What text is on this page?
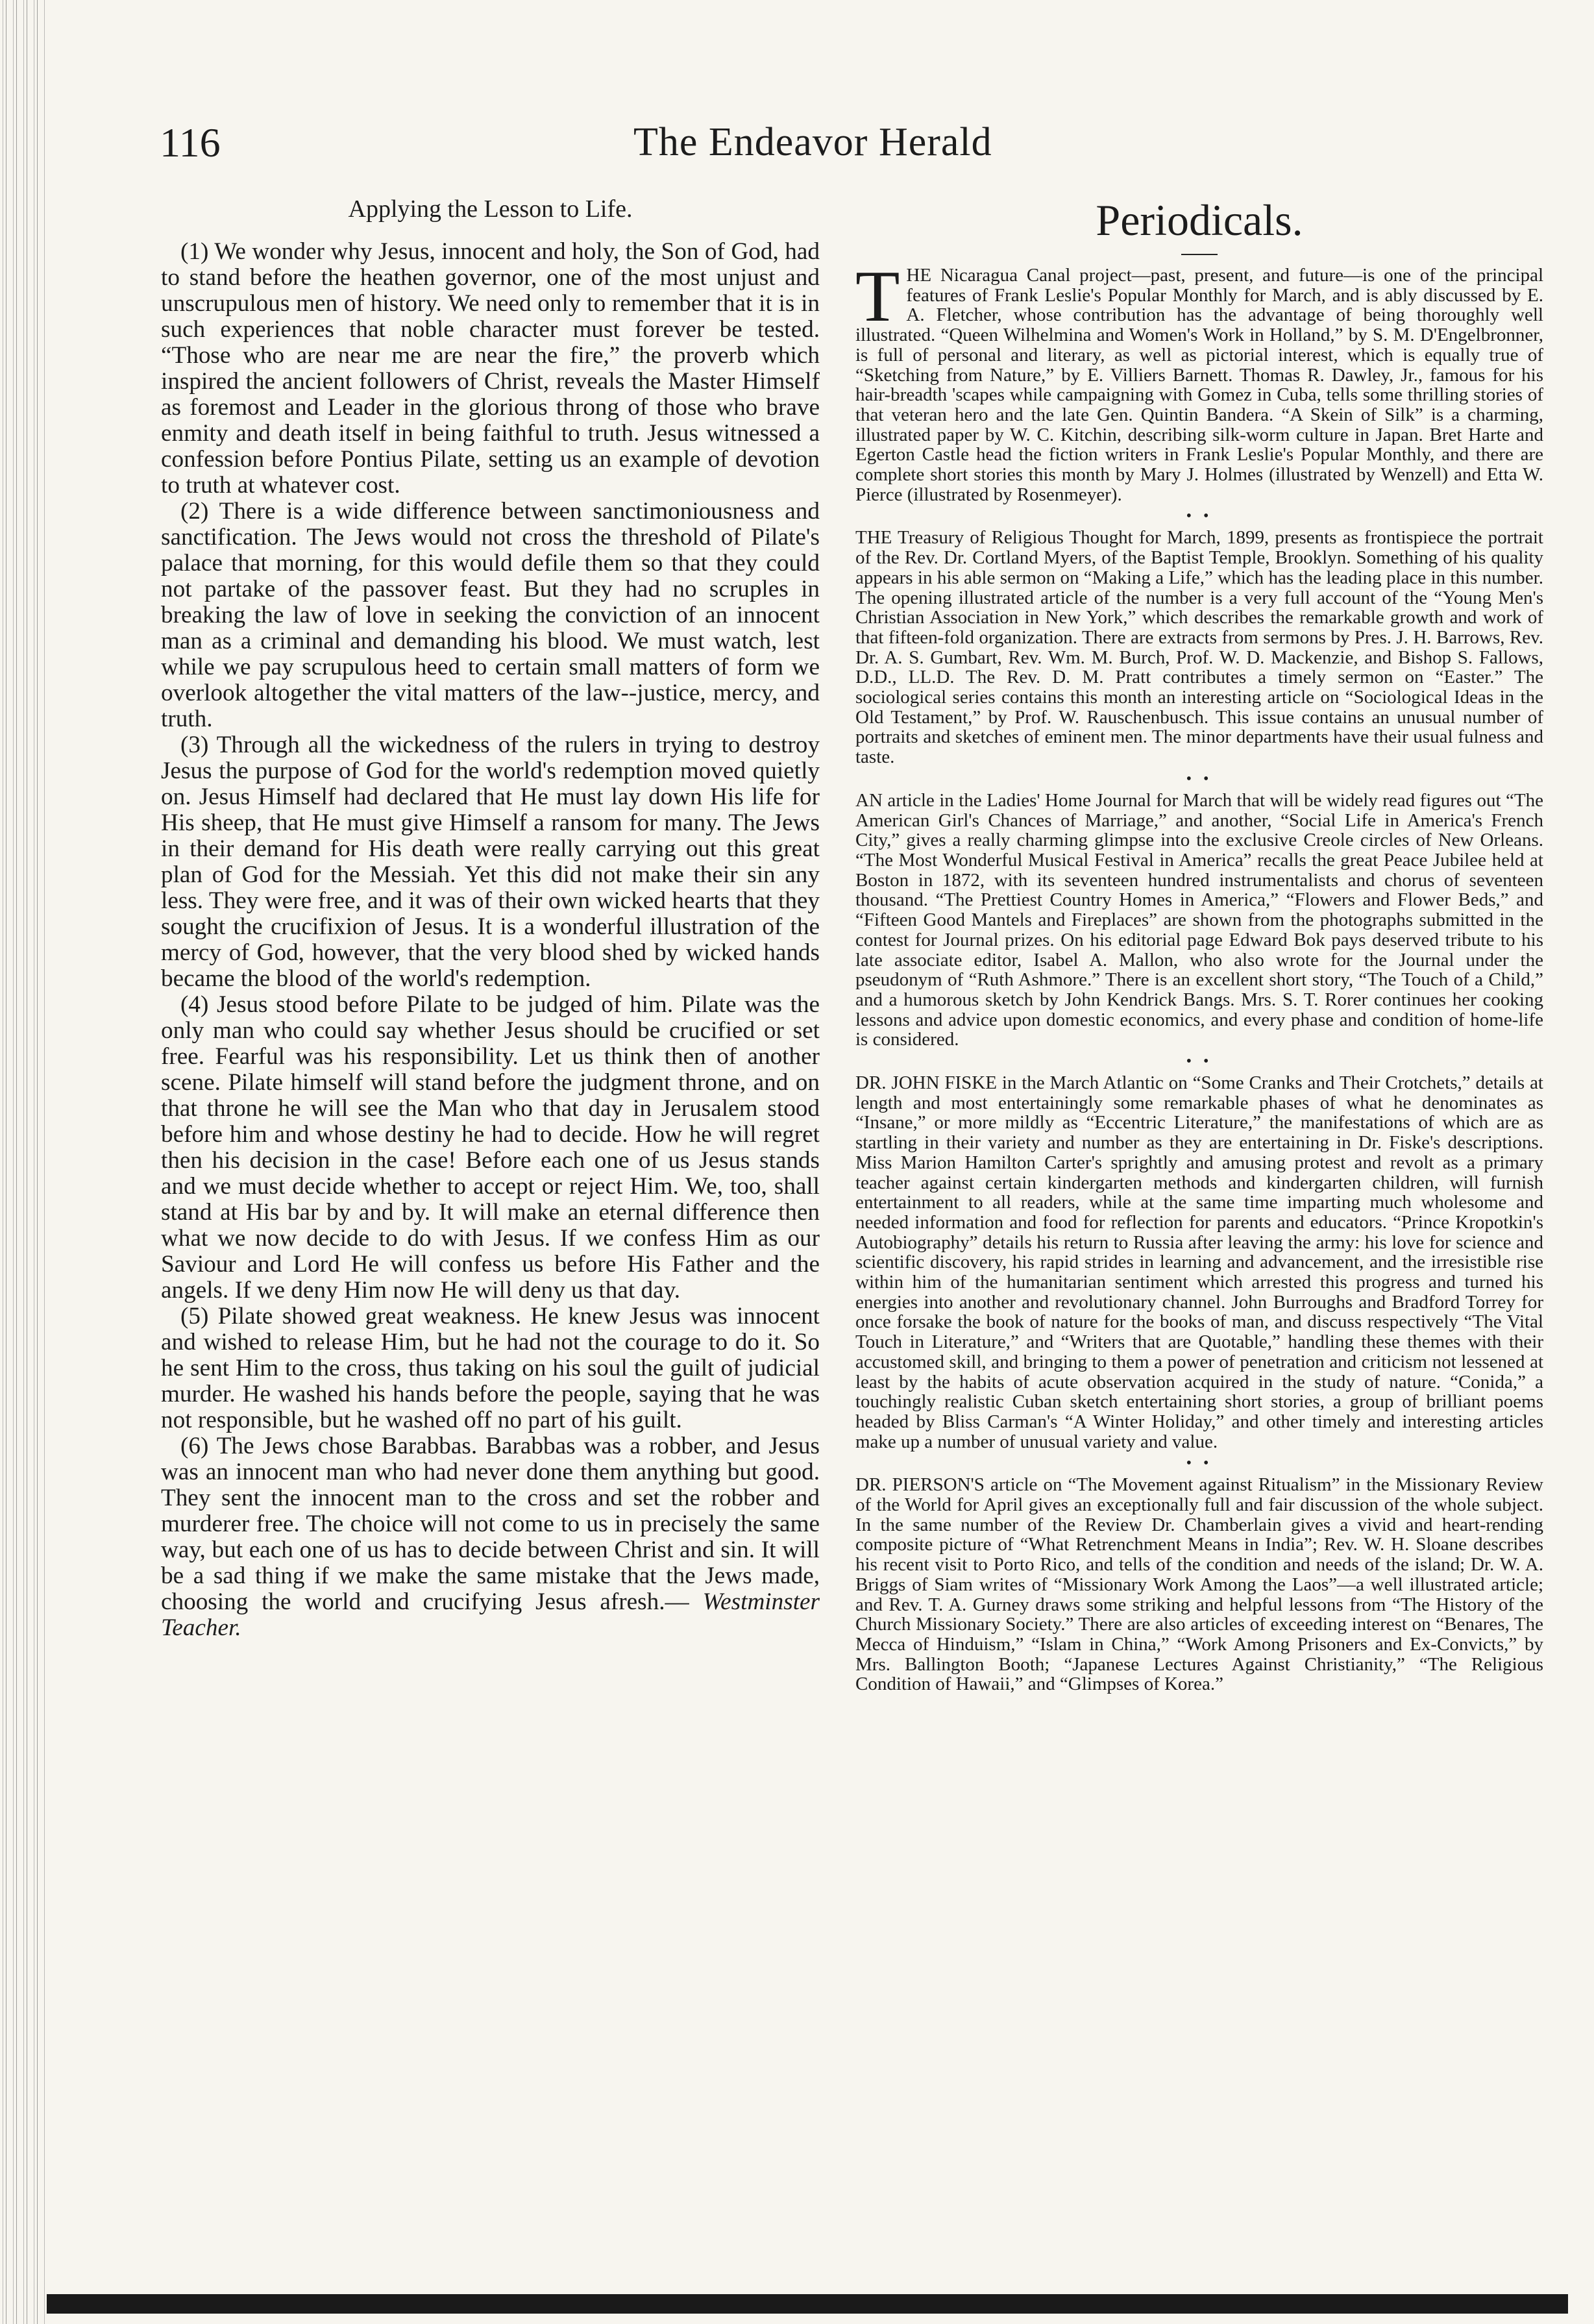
116	The Endeavor Herald
Applying the Lesson to Life.

(1) We wonder why Jesus, innocent and holy, the Son of God, had to stand before the heathen governor, one of the most unjust and unscrupulous men of history. We need only to remember that it is in such experiences that noble character must forever be tested. “Those who are near me are near the fire,” the proverb which inspired the ancient followers of Christ, reveals the Master Himself as foremost and Leader in the glorious throng of those who brave enmity and death itself in being faithful to truth. Jesus witnessed a confession before Pontius Pilate, setting us an example of devotion to truth at whatever cost.

(2) There is a wide difference between sanctimoniousness and sanctification. The Jews would not cross the threshold of Pilate's palace that morning, for this would defile them so that they could not partake of the passover feast. But they had no scruples in breaking the law of love in seeking the conviction of an innocent man as a criminal and demanding his blood. We must watch, lest while we pay scrupulous heed to certain small matters of form we overlook altogether the vital matters of the law--justice, mercy, and truth.

(3) Through all the wickedness of the rulers in trying to destroy Jesus the purpose of God for the world's redemption moved quietly on. Jesus Himself had declared that He must lay down His life for His sheep, that He must give Himself a ransom for many. The Jews in their demand for His death were really carrying out this great plan of God for the Messiah. Yet this did not make their sin any less. They were free, and it was of their own wicked hearts that they sought the crucifixion of Jesus. It is a wonderful illustration of the mercy of God, however, that the very blood shed by wicked hands became the blood of the world's redemption.

(4) Jesus stood before Pilate to be judged of him. Pilate was the only man who could say whether Jesus should be crucified or set free. Fearful was his responsibility. Let us think then of another scene. Pilate himself will stand before the judgment throne, and on that throne he will see the Man who that day in Jerusalem stood before him and whose destiny he had to decide. How he will regret then his decision in the case! Before each one of us Jesus stands and we must decide whether to accept or reject Him. We, too, shall stand at His bar by and by. It will make an eternal difference then what we now decide to do with Jesus. If we confess Him as our Saviour and Lord He will confess us before His Father and the angels. If we deny Him now He will deny us that day.

(5) Pilate showed great weakness. He knew Jesus was innocent and wished to release Him, but he had not the courage to do it. So he sent Him to the cross, thus taking on his soul the guilt of judicial murder. He washed his hands before the people, saying that he was not responsible, but he washed off no part of his guilt.

(6) The Jews chose Barabbas. Barabbas was a robber, and Jesus was an innocent man who had never done them anything but good. They sent the innocent man to the cross and set the robber and murderer free. The choice will not come to us in precisely the same way, but each one of us has to decide between Christ and sin. It will be a sad thing if we make the same mistake that the Jews made, choosing the world and crucifying Jesus afresh.— Westminster Teacher.

Periodicals.

THE Nicaragua Canal project—past, present, and future—is one of the principal features of Frank Leslie's Popular Monthly for March, and is ably discussed by E. A. Fletcher, whose contribution has the advantage of being thoroughly well illustrated. “Queen Wilhelmina and Women's Work in Holland,” by S. M. D'Engelbronner, is full of personal and literary, as well as pictorial interest, which is equally true of “Sketching from Nature,” by E. Villiers Barnett. Thomas R. Dawley, Jr., famous for his hair-breadth 'scapes while campaigning with Gomez in Cuba, tells some thrilling stories of that veteran hero and the late Gen. Quintin Bandera. “A Skein of Silk” is a charming, illustrated paper by W. C. Kitchin, describing silk-worm culture in Japan. Bret Harte and Egerton Castle head the fiction writers in Frank Leslie's Popular Monthly, and there are complete short stories this month by Mary J. Holmes (illustrated by Wenzell) and Etta W. Pierce (illustrated by Rosenmeyer).

• •

THE Treasury of Religious Thought for March, 1899, presents as frontispiece the portrait of the Rev. Dr. Cortland Myers, of the Baptist Temple, Brooklyn. Something of his quality appears in his able sermon on “Making a Life,” which has the leading place in this number. The opening illustrated article of the number is a very full account of the “Young Men's Christian Association in New York,” which describes the remarkable growth and work of that fifteen-fold organization. There are extracts from sermons by Pres. J. H. Barrows, Rev. Dr. A. S. Gumbart, Rev. Wm. M. Burch, Prof. W. D. Mackenzie, and Bishop S. Fallows, D.D., LL.D. The Rev. D. M. Pratt contributes a timely sermon on “Easter.” The sociological series contains this month an interesting article on “Sociological Ideas in the Old Testament,” by Prof. W. Rauschenbusch. This issue contains an unusual number of portraits and sketches of eminent men. The minor departments have their usual fulness and taste.

• •

AN article in the Ladies' Home Journal for March that will be widely read figures out “The American Girl's Chances of Marriage,” and another, “Social Life in America's French City,” gives a really charming glimpse into the exclusive Creole circles of New Orleans. “The Most Wonderful Musical Festival in America” recalls the great Peace Jubilee held at Boston in 1872, with its seventeen hundred instrumentalists and chorus of seventeen thousand. “The Prettiest Country Homes in America,” “Flowers and Flower Beds,” and “Fifteen Good Mantels and Fireplaces” are shown from the photographs submitted in the contest for Journal prizes. On his editorial page Edward Bok pays deserved tribute to his late associate editor, Isabel A. Mallon, who also wrote for the Journal under the pseudonym of “Ruth Ashmore.” There is an excellent short story, “The Touch of a Child,” and a humorous sketch by John Kendrick Bangs. Mrs. S. T. Rorer continues her cooking lessons and advice upon domestic economics, and every phase and condition of home-life is considered.

• •

DR. JOHN FISKE in the March Atlantic on “Some Cranks and Their Crotchets,” details at length and most entertainingly some remarkable phases of what he denominates as “Insane,” or more mildly as “Eccentric Literature,” the manifestations of which are as startling in their variety and number as they are entertaining in Dr. Fiske's descriptions. Miss Marion Hamilton Carter's sprightly and amusing protest and revolt as a primary teacher against certain kindergarten methods and kindergarten children, will furnish entertainment to all readers, while at the same time imparting much wholesome and needed information and food for reflection for parents and educators. “Prince Kropotkin's Autobiography” details his return to Russia after leaving the army: his love for science and scientific discovery, his rapid strides in learning and advancement, and the irresistible rise within him of the humanitarian sentiment which arrested this progress and turned his energies into another and revolutionary channel. John Burroughs and Bradford Torrey for once forsake the book of nature for the books of man, and discuss respectively “The Vital Touch in Literature,” and “Writers that are Quotable,” handling these themes with their accustomed skill, and bringing to them a power of penetration and criticism not lessened at least by the habits of acute observation acquired in the study of nature. “Conida,” a touchingly realistic Cuban sketch entertaining short stories, a group of brilliant poems headed by Bliss Carman's “A Winter Holiday,” and other timely and interesting articles make up a number of unusual variety and value.

• •

DR. PIERSON'S article on “The Movement against Ritualism” in the Missionary Review of the World for April gives an exceptionally full and fair discussion of the whole subject. In the same number of the Review Dr. Chamberlain gives a vivid and heart-rending composite picture of “What Retrenchment Means in India”; Rev. W. H. Sloane describes his recent visit to Porto Rico, and tells of the condition and needs of the island; Dr. W. A. Briggs of Siam writes of “Missionary Work Among the Laos”—a well illustrated article; and Rev. T. A. Gurney draws some striking and helpful lessons from “The History of the Church Missionary Society.” There are also articles of exceeding interest on “Benares, The Mecca of Hinduism,” “Islam in China,” “Work Among Prisoners and Ex-Convicts,” by Mrs. Ballington Booth; “Japanese Lectures Against Christianity,” “The Religious Condition of Hawaii,” and “Glimpses of Korea.”
